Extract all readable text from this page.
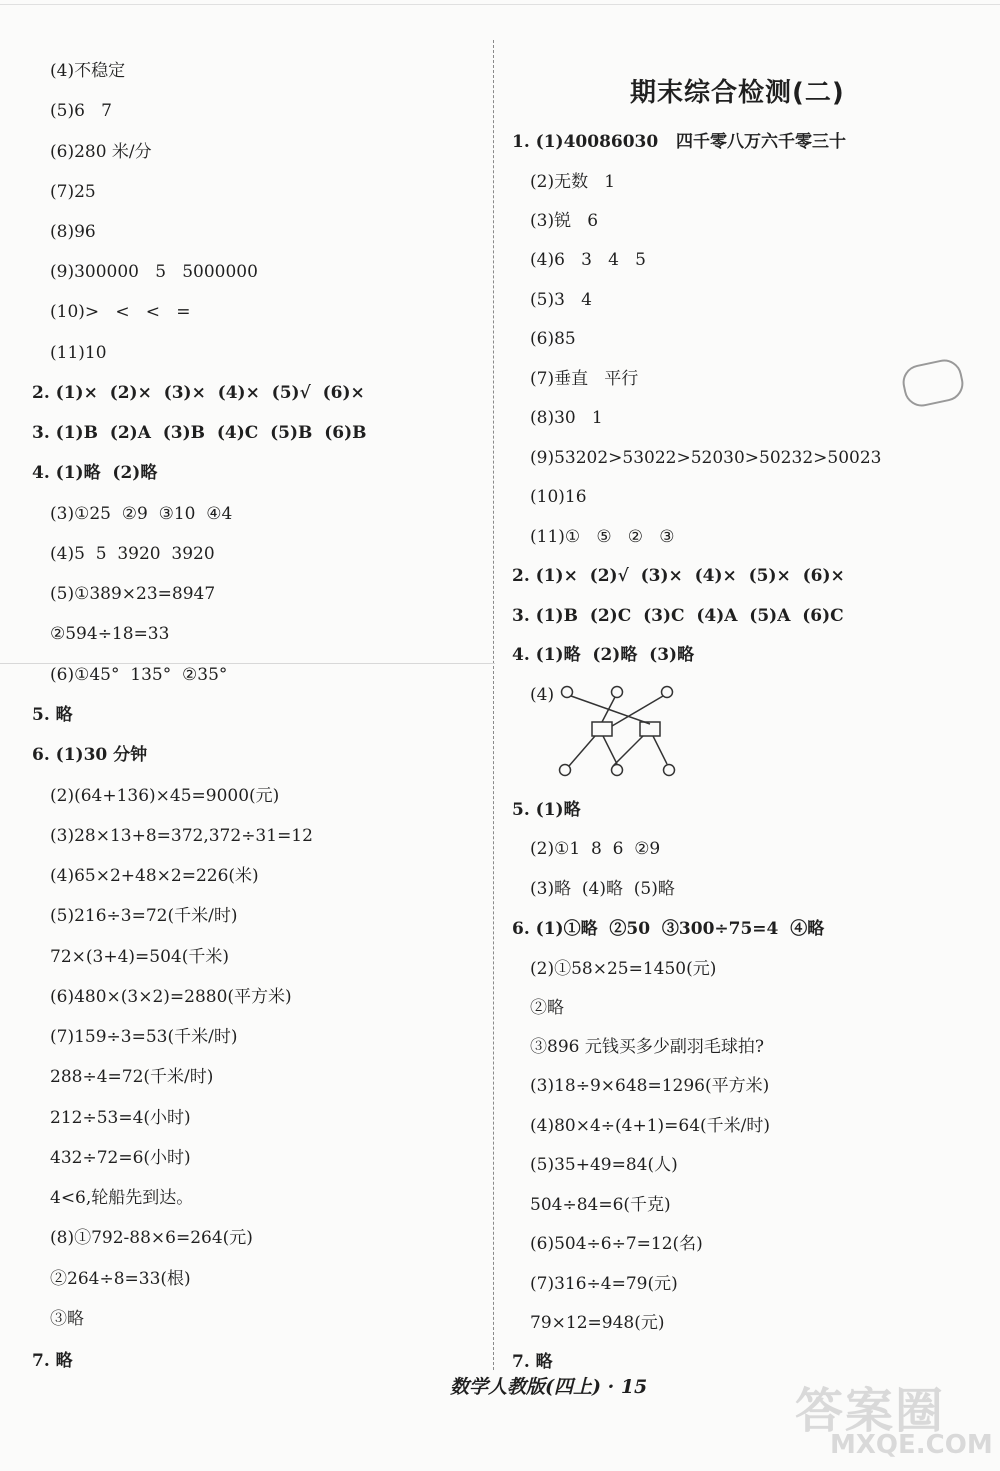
期末综合检测(二)
(4)不稳定
(5)6   7
(6)280 米/分
(7)25
(8)96
(9)300000   5   5000000
(10)>   <   <   =
(11)10
2. (1)×  (2)×  (3)×  (4)×  (5)√  (6)×
3. (1)B  (2)A  (3)B  (4)C  (5)B  (6)B
4. (1)略  (2)略
(3)①25  ②9  ③10  ④4
(4)5  5  3920  3920
(5)①389×23=8947
②594÷18=33
(6)①45°  135°  ②35°
5. 略
6. (1)30 分钟
(2)(64+136)×45=9000(元)
(3)28×13+8=372,372÷31=12
(4)65×2+48×2=226(米)
(5)216÷3=72(千米/时)
72×(3+4)=504(千米)
(6)480×(3×2)=2880(平方米)
(7)159÷3=53(千米/时)
288÷4=72(千米/时)
212÷53=4(小时)
432÷72=6(小时)
4<6,轮船先到达。
(8)①792-88×6=264(元)
②264÷8=33(根)
③略
7. 略
1. (1)40086030   四千零八万六千零三十
(2)无数   1
(3)锐   6
(4)6   3   4   5
(5)3   4
(6)85
(7)垂直   平行
(8)30   1
(9)53202>53022>52030>50232>50023
(10)16
(11)①   ⑤   ②   ③
2. (1)×  (2)√  (3)×  (4)×  (5)×  (6)×
3. (1)B  (2)C  (3)C  (4)A  (5)A  (6)C
4. (1)略  (2)略  (3)略
(4)
5. (1)略
(2)①1  8  6  ②9
(3)略  (4)略  (5)略
6. (1)①略  ②50  ③300÷75=4  ④略
(2)①58×25=1450(元)
②略
③896 元钱买多少副羽毛球拍?
(3)18÷9×648=1296(平方米)
(4)80×4÷(4+1)=64(千米/时)
(5)35+49=84(人)
504÷84=6(千克)
(6)504÷6÷7=12(名)
(7)316÷4=79(元)
79×12=948(元)
7. 略
数学人教版(四上) · 15	答案圈
MXQE.COM
